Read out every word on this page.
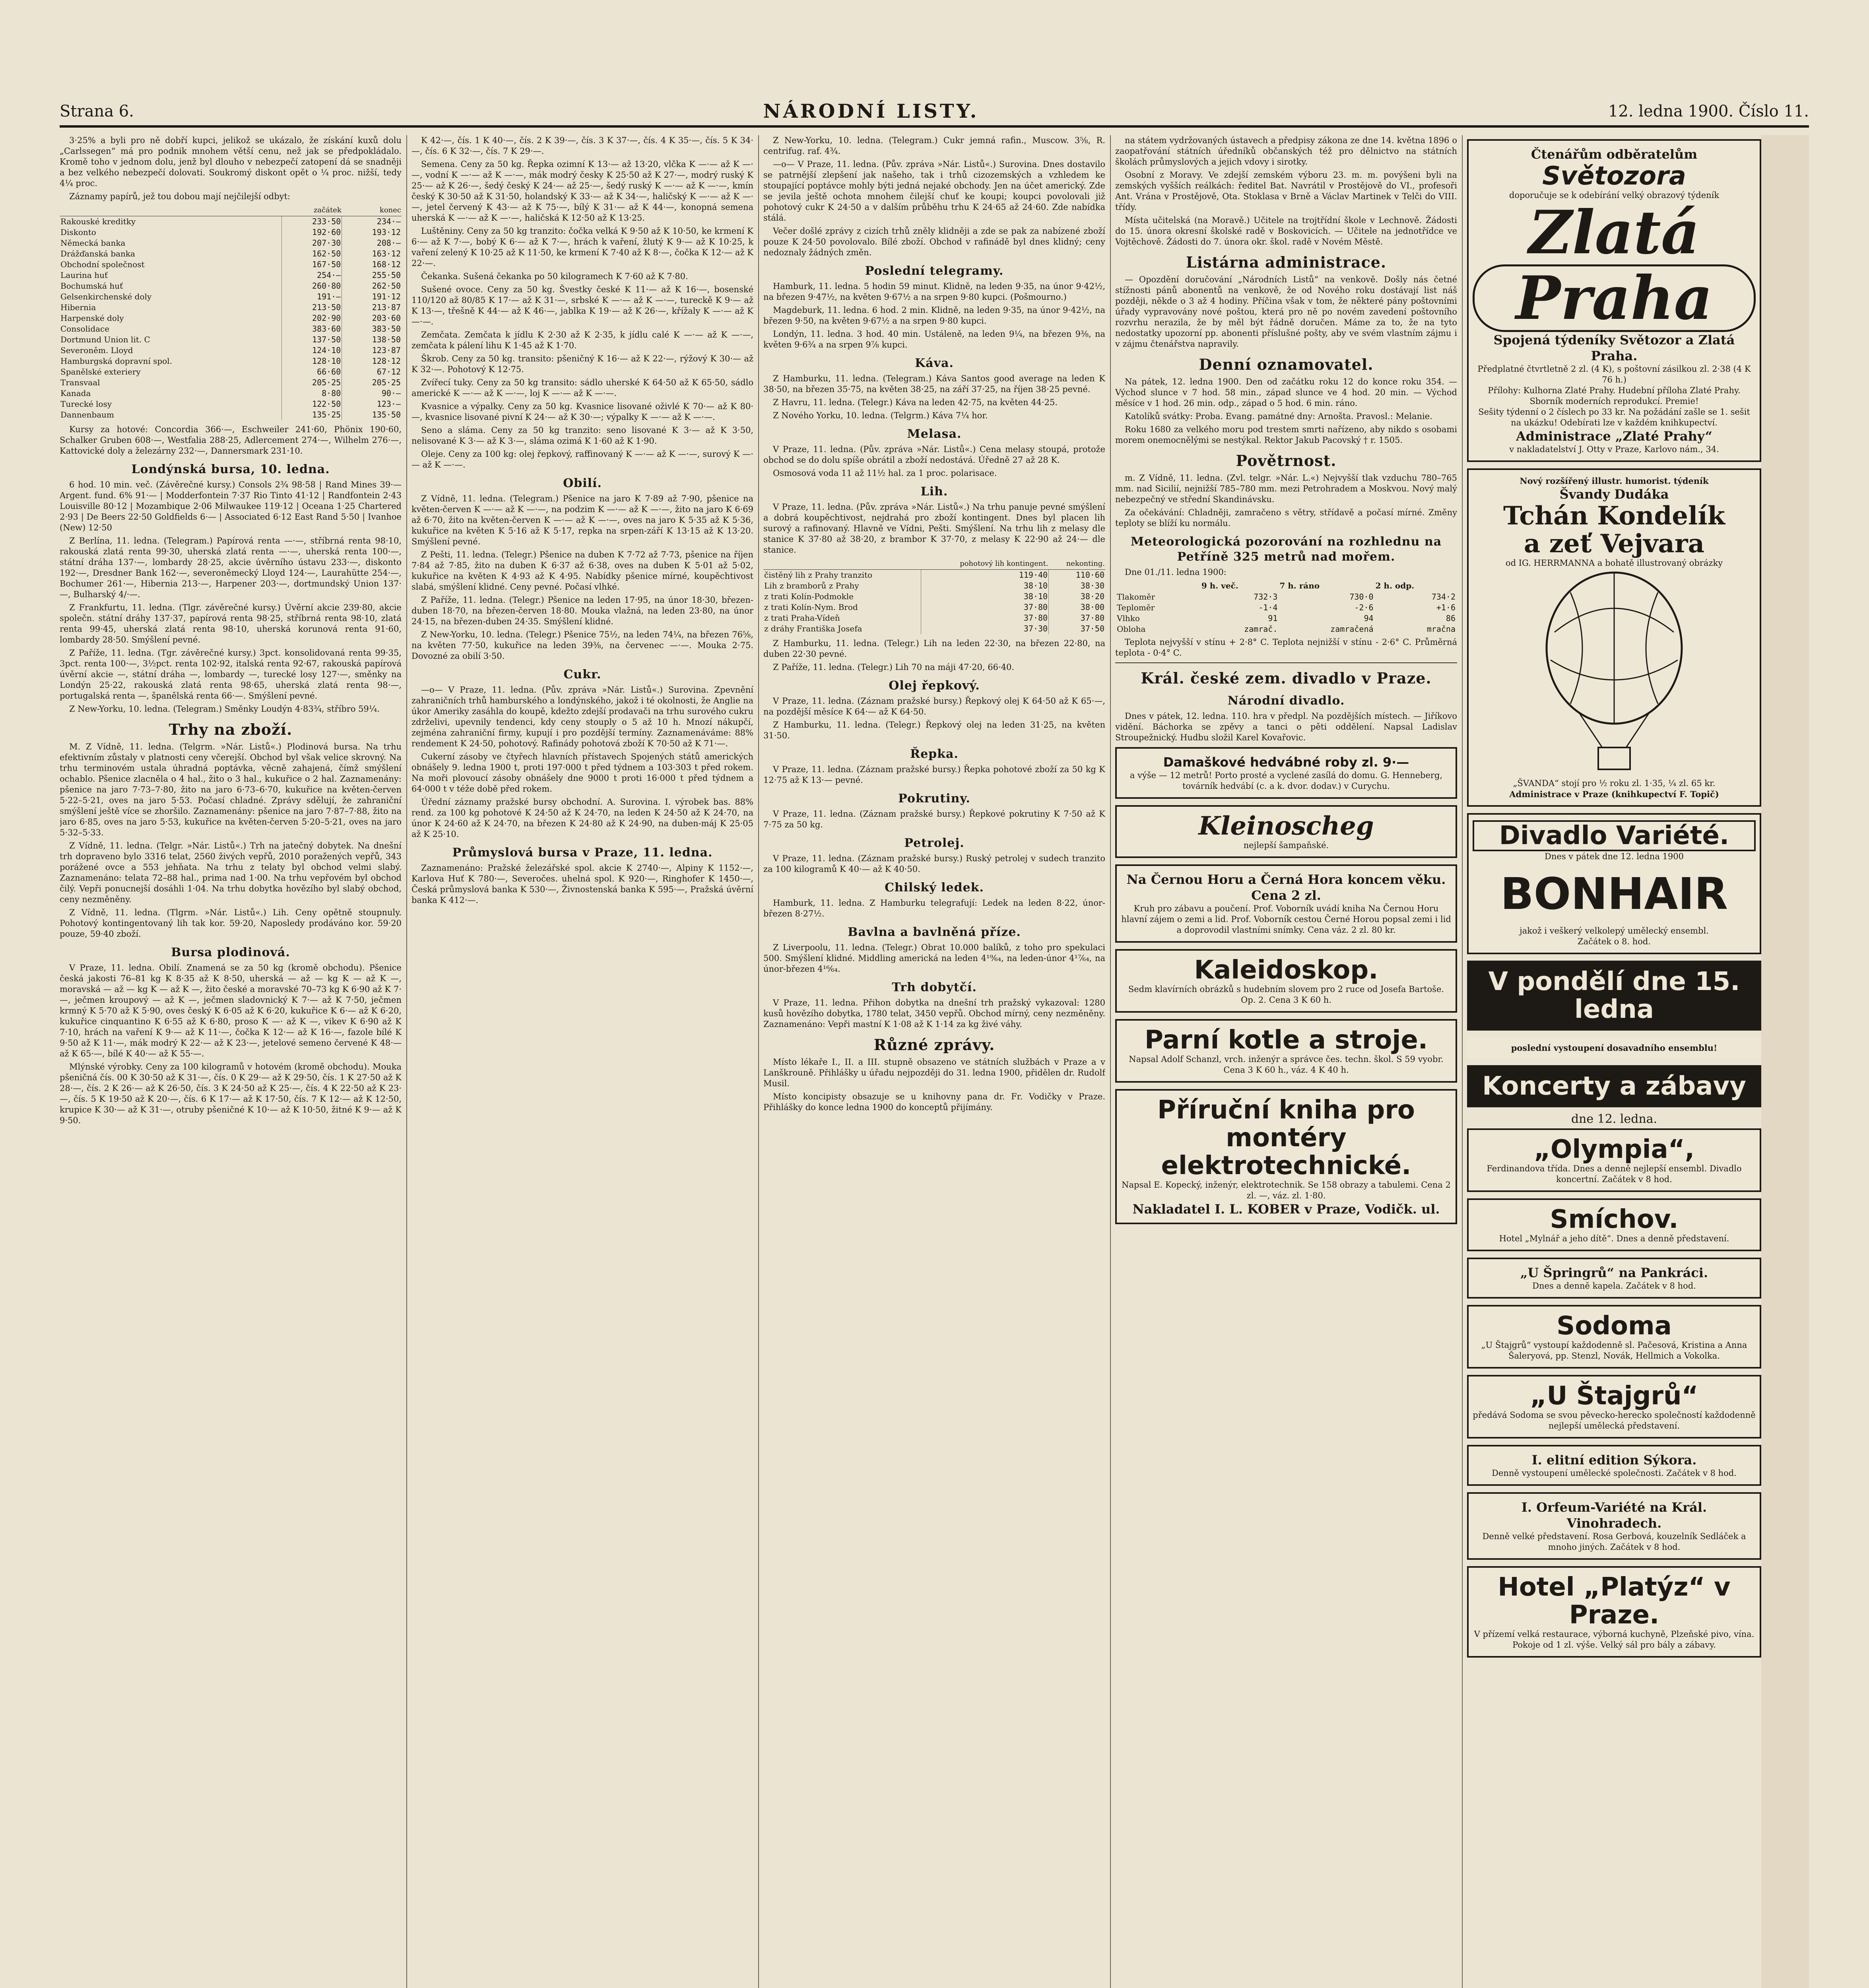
Strana 6.	NÁRODNÍ LISTY.	12. ledna 1900. Číslo 11.

3·25% a byli pro ně dobří kupci, jelikož se ukázalo, že získání kuxů dolu „Carlssegen“ má pro podnik mnohem větší cenu, než jak se předpokládalo. Kromě toho v jednom dolu, jenž byl dlouho v nebezpečí zatopení dá se snadněji a bez velkého nebezpečí dolovati. Soukromý diskont opět o ¼ proc. nižší, tedy 4¼ proc.

Záznamy papírů, jež tou dobou mají nejčilejší odbyt:

	začátek	konec
Rakouské kreditky	233·50	234·—
Diskonto	192·60	193·12
Německá banka	207·30	208·—
Drážďanská banka	162·50	163·12
Obchodní společnost	167·50	168·12
Laurina huť	254·—	255·50
Bochumská huť	260·80	262·50
Gelsenkirchenské doly	191·—	191·12
Hibernia	213·50	213·87
Harpenské doly	202·90	203·60
Consolidace	383·60	383·50
Dortmund Union lit. C	137·50	138·50
Severoněm. Lloyd	124·10	123·87
Hamburgská dopravní spol.	128·10	128·12
Spanělské exteriery	66·60	67·12
Transvaal	205·25	205·25
Kanada	8·80	90·—
Turecké losy	122·50	123·—
Dannenbaum	135·25	135·50

Kursy za hotové: Concordia 366·—, Eschweiler 241·60, Phönix 190·60, Schalker Gruben 608·—, Westfalia 288·25, Adlercement 274·—, Wilhelm 276·—, Kattovické doly a železárny 232·—, Dannersmark 231·10.

Londýnská bursa, 10. ledna.

6 hod. 10 min. več. (Závěrečné kursy.) Consols 2¾ 98·58 | Rand Mines 39·— Argent. fund. 6% 91·— | Modderfontein 7·37 Rio Tinto 41·12 | Randfontein 2·43 Louisville 80·12 | Mozambique 2·06 Milwaukee 119·12 | Oceana 1·25 Chartered 2·93 | De Beers 22·50 Goldfields 6·— | Associated 6·12 East Rand 5·50 | Ivanhoe (New) 12·50

Z Berlína, 11. ledna. (Telegram.) Papírová renta —·—, stříbrná renta 98·10, rakouská zlatá renta 99·30, uherská zlatá renta —·—, uherská renta 100·—, státní dráha 137·—, lombardy 28·25, akcie úvěrního ústavu 233·—, diskonto 192·—, Dresdner Bank 162·—, severoněmecký Lloyd 124·—, Laurahütte 254·—, Bochumer 261·—, Hibernia 213·—, Harpener 203·—, dortmundský Union 137·—, Bulharský 4/·—.

Z Frankfurtu, 11. ledna. (Tlgr. závěrečné kursy.) Úvěrní akcie 239·80, akcie společn. státní dráhy 137·37, papírová renta 98·25, stříbrná renta 98·10, zlatá renta 99·45, uherská zlatá renta 98·10, uherská korunová renta 91·60, lombardy 28·50. Smýšlení pevné.

Z Paříže, 11. ledna. (Tgr. závěrečné kursy.) 3pct. konsolidovaná renta 99·35, 3pct. renta 100·—, 3½pct. renta 102·92, italská renta 92·67, rakouská papírová úvěrní akcie —, státní dráha —, lombardy —, turecké losy 127·—, směnky na Londýn 25·22, rakouská zlatá renta 98·65, uherská zlatá renta 98·—, portugalská renta —, španělská renta 66·—. Smýšlení pevné.

Z New-Yorku, 10. ledna. (Telegram.) Směnky Loudýn 4·83¾, stříbro 59¼.

Trhy na zboží.

M. Z Vídně, 11. ledna. (Telgrm. »Nár. Listů«.) Plodinová bursa. Na trhu efektivním zůstaly v platnosti ceny včerejší. Obchod byl však velice skrovný. Na trhu terminovém ustala úhradná poptávka, věcně zahajená, čímž smýšlení ochablo. Pšenice zlacněla o 4 hal., žito o 3 hal., kukuřice o 2 hal. Zaznamenány: pšenice na jaro 7·73–7·80, žito na jaro 6·73–6·70, kukuřice na květen-červen 5·22–5·21, oves na jaro 5·53. Počasí chladné. Zprávy sdělují, že zahraniční smýšlení ještě více se zhoršilo. Zaznamenány: pšenice na jaro 7·87–7·88, žito na jaro 6·85, oves na jaro 5·53, kukuřice na květen-červen 5·20–5·21, oves na jaro 5·32–5·33.

Z Vídně, 11. ledna. (Telgr. »Nár. Listů«.) Trh na jatečný dobytek. Na dnešní trh dopraveno bylo 3316 telat, 2560 živých vepřů, 2010 poražených vepřů, 343 porážené ovce a 553 jehňata. Na trhu z telaty byl obchod velmi slabý. Zaznamenáno: telata 72–88 hal., prima nad 1·00. Na trhu vepřovém byl obchod čilý. Vepři ponucnejší dosáhli 1·04. Na trhu dobytka hovězího byl slabý obchod, ceny nezměněny.

Z Vídně, 11. ledna. (Tlgrm. »Nár. Listů«.) Lih. Ceny opětně stoupnuly. Pohotový kontingentovaný lih tak kor. 59·20, Naposledy prodáváno kor. 59·20 pouze, 59·40 zboží.

Bursa plodinová.

V Praze, 11. ledna. Obilí. Znamená se za 50 kg (kromě obchodu). Pšenice česká jakosti 76–81 kg K 8·35 až K 8·50, uherská — až — kg K — až K —, moravská — až — kg K — až K —, žito české a moravské 70–73 kg K 6·90 až K 7·—, ječmen kroupový — až K —, ječmen sladovnický K 7·— až K 7·50, ječmen krmný K 5·70 až K 5·90, oves český K 6·05 až K 6·20, kukuřice K 6·— až K 6·20, kukuřice cinquantino K 6·55 až K 6·80, proso K —· až K —, vikev K 6·90 až K 7·10, hrách na vaření K 9·— až K 11·—, čočka K 12·— až K 16·—, fazole bílé K 9·50 až K 11·—, mák modrý K 22·— až K 23·—, jetelové semeno červené K 48·— až K 65·—, bílé K 40·— až K 55·—.

Mlýnské výrobky. Ceny za 100 kilogramů v hotovém (kromě obchodu). Mouka pšeničná čís. 00 K 30·50 až K 31·—, čís. 0 K 29·— až K 29·50, čís. 1 K 27·50 až K 28·—, čís. 2 K 26·— až K 26·50, čís. 3 K 24·50 až K 25·—, čís. 4 K 22·50 až K 23·—, čís. 5 K 19·50 až K 20·—, čís. 6 K 17·— až K 17·50, čís. 7 K 12·— až K 12·50, krupice K 30·— až K 31·—, otruby pšeničné K 10·— až K 10·50, žitné K 9·— až K 9·50.

K 42·—, čís. 1 K 40·—, čís. 2 K 39·—, čís. 3 K 37·—, čís. 4 K 35·—, čís. 5 K 34·—, čís. 6 K 32·—, čís. 7 K 29·—.

Semena. Ceny za 50 kg. Řepka ozimní K 13·— až 13·20, vlčka K —·— až K —·—, vodní K —·— až K —·—, mák modrý česky K 25·50 až K 27·—, modrý ruský K 25·— až K 26·—, šedý český K 24·— až 25·—, šedý ruský K —·— až K —·—, kmín český K 30·50 až K 31·50, holandský K 33·— až K 34·—, haličský K —·— až K —·—, jetel červený K 43·— až K 75·—, bílý K 31·— až K 44·—, konopná semena uherská K —·— až K —·—, haličská K 12·50 až K 13·25.

Luštěniny. Ceny za 50 kg tranzito: čočka velká K 9·50 až K 10·50, ke krmení K 6·— až K 7·—, bobý K 6·— až K 7·—, hrách k vaření, žlutý K 9·— až K 10·25, k vaření zelený K 10·25 až K 11·50, ke krmení K 7·40 až K 8·—, čočka K 12·— až K 22·—.

Čekanka. Sušená čekanka po 50 kilogramech K 7·60 až K 7·80.

Sušené ovoce. Ceny za 50 kg. Švestky české K 11·— až K 16·—, bosenské 110/120 až 80/85 K 17·— až K 31·—, srbské K —·— až K —·—, tureckě K 9·— až K 13·—, třešně K 44·— až K 46·—, jablka K 19·— až K 26·—, křížaly K —·— až K —·—.

Zemčata. Zemčata k jídlu K 2·30 až K 2·35, k jídlu calé K —·— až K —·—, zemčata k pálení lihu K 1·45 až K 1·70.

Škrob. Ceny za 50 kg. transito: pšeničný K 16·— až K 22·—, rýžový K 30·— až K 32·—. Pohotový K 12·75.

Zvířecí tuky. Ceny za 50 kg transito: sádlo uherské K 64·50 až K 65·50, sádlo americké K —·— až K —·—, loj K —·— až K —·—.

Kvasnice a výpalky. Ceny za 50 kg. Kvasnice lisované oživlé K 70·— až K 80·—, kvasnice lisované pivní K 24·— až K 30·—; výpalky K —·— až K —·—.

Seno a sláma. Ceny za 50 kg tranzito: seno lisované K 3·— až K 3·50, nelisované K 3·— až K 3·—, sláma ozimá K 1·60 až K 1·90.

Oleje. Ceny za 100 kg: olej řepkový, raffinovaný K —·— až K —·—, surový K —·— až K —·—.

Obilí.

Z Vídně, 11. ledna. (Telegram.) Pšenice na jaro K 7·89 až 7·90, pšenice na květen-červen K —·— až K —·—, na podzim K —·— až K —·—, žito na jaro K 6·69 až 6·70, žito na květen-červen K —·— až K —·—, oves na jaro K 5·35 až K 5·36, kukuřice na květen K 5·16 až K 5·17, repka na srpen-září K 13·15 až K 13·20. Smýšlení pevné.

Z Pešti, 11. ledna. (Telegr.) Pšenice na duben K 7·72 až 7·73, pšenice na říjen 7·84 až 7·85, žito na duben K 6·37 až 6·38, oves na duben K 5·01 až 5·02, kukuřice na květen K 4·93 až K 4·95. Nabídky pšenice mírné, koupěchtivost slabá, smýšlení klidné. Ceny pevné. Počasí vlhké.

Z Paříže, 11. ledna. (Telegr.) Pšenice na leden 17·95, na únor 18·30, březen-duben 18·70, na březen-červen 18·80. Mouka vlažná, na leden 23·80, na únor 24·15, na březen-duben 24·35. Smýšlení klidné.

Z New-Yorku, 10. ledna. (Telegr.) Pšenice 75½, na leden 74¼, na březen 76⅝, na květen 77·50, kukuřice na leden 39⅜, na červenec —·—. Mouka 2·75. Dovozné za obilí 3·50.

Cukr.

—o— V Praze, 11. ledna. (Pův. zpráva »Nár. Listů«.) Surovina. Zpevnění zahraničních trhů hamburského a londýnského, jakož i té okolnosti, že Anglie na úkor Ameriky zasáhla do koupě, kdežto zdejší prodavači na trhu surového cukru zdrželivi, upevnily tendenci, kdy ceny stouply o 5 až 10 h. Mnozí nákupčí, zejména zahraniční firmy, kupují i pro pozdější termíny. Zaznamenáváme: 88% rendement K 24·50, pohotový. Rafinády pohotová zboží K 70·50 až K 71·—.

Cukerní zásoby ve čtyřech hlavních přístavech Spojených států amerických obnášely 9. ledna 1900 t, proti 197·000 t před týdnem a 103·303 t před rokem. Na moři plovoucí zásoby obnášely dne 9000 t proti 16·000 t před týdnem a 64·000 t v téže době před rokem.

Úřední záznamy pražské bursy obchodní. A. Surovina. I. výrobek bas. 88% rend. za 100 kg pohotové K 24·50 až K 24·70, na leden K 24·50 až K 24·70, na únor K 24·60 až K 24·70, na březen K 24·80 až K 24·90, na duben-máj K 25·05 až K 25·10.

Průmyslová bursa v Praze, 11. ledna.

Zaznamenáno: Pražské železářské spol. akcie K 2740·—, Alpiny K 1152·—, Karlova Huť K 780·—, Severočes. uhelná spol. K 920·—, Ringhofer K 1450·—, Česká průmyslová banka K 530·—, Živnostenská banka K 595·—, Pražská úvěrní banka K 412·—.

Z New-Yorku, 10. ledna. (Telegram.) Cukr jemná rafin., Muscow. 3⅝, R. centrifug. raf. 4¾.

—o— V Praze, 11. ledna. (Pův. zpráva »Nár. Listů«.) Surovina. Dnes dostavilo se patrnější zlepšení jak našeho, tak i trhů cizozemských a vzhledem ke stoupající poptávce mohly býti jedná nejaké obchody. Jen na účet americký. Zde se jevila ještě ochota mnohem čilejší chuť ke koupi; koupci povolovali již pohotový cukr K 24·50 a v dalším průběhu trhu K 24·65 až 24·60. Zde nabídka stálá.

Večer došlé zprávy z cizích trhů zněly klidněji a zde se pak za nabízené zboží pouze K 24·50 povolovalo. Bílé zboží. Obchod v rafinádě byl dnes klidný; ceny nedoznaly žádných změn.

Poslední telegramy.

Hamburk, 11. ledna. 5 hodin 59 minut. Klidně, na leden 9·35, na únor 9·42½, na březen 9·47½, na květen 9·67½ a na srpen 9·80 kupci. (Pošmourno.)

Magdeburk, 11. ledna. 6 hod. 2 min. Klidně, na leden 9·35, na únor 9·42½, na březen 9·50, na květen 9·67½ a na srpen 9·80 kupci.

Londýn, 11. ledna. 3 hod. 40 min. Ustáleně, na leden 9¼, na březen 9⅜, na květen 9·6¾ a na srpen 9⅞ kupci.

Káva.

Z Hamburku, 11. ledna. (Telegram.) Káva Santos good average na leden K 38·50, na březen 35·75, na květen 38·25, na září 37·25, na říjen 38·25 pevné.

Z Havru, 11. ledna. (Telegr.) Káva na leden 42·75, na květen 44·25.

Z Nového Yorku, 10. ledna. (Telgrm.) Káva 7¼ hor.

Melasa.

V Praze, 11. ledna. (Pův. zpráva »Nár. Listů«.) Cena melasy stoupá, protože obchod se do dolu spíše obrátil a zboží nedostává. Úředně 27 až 28 K.

Osmosová voda 11 až 11½ hal. za 1 proc. polarisace.

Lih.

V Praze, 11. ledna. (Pův. zpráva »Nár. Listů«.) Na trhu panuje pevné smýšlení a dobrá koupěchtivost, nejdrahá pro zboží kontingent. Dnes byl placen lih surový a rafinovaný. Hlavně ve Vídni, Pešti. Smýšlení. Na trhu lih z melasy dle stanice K 37·80 až 38·20, z brambor K 37·70, z melasy K 22·90 až 24·— dle stanice.

	pohotový lih kontingent.	nekonting.
čistěný lih z Prahy tranzito	119·40	110·60
Lih z bramborů z Prahy	38·10	38·30
z trati Kolín-Podmokle	38·10	38·20
z trati Kolín-Nym. Brod	37·80	38·00
z trati Praha-Vídeň	37·80	37·80
z dráhy Františka Josefa	37·30	37·50

Z Hamburku, 11. ledna. (Telegr.) Lih na leden 22·30, na březen 22·80, na duben 22·30 pevné.

Z Paříže, 11. ledna. (Telegr.) Lih 70 na máji 47·20, 66·40.

Olej řepkový.

V Praze, 11. ledna. (Záznam pražské bursy.) Řepkový olej K 64·50 až K 65·—, na pozdější měsíce K 64·— až K 64·50.

Z Hamburku, 11. ledna. (Telegr.) Řepkový olej na leden 31·25, na květen 31·50.

Řepka.

V Praze, 11. ledna. (Záznam pražské bursy.) Řepka pohotové zboží za 50 kg K 12·75 až K 13·— pevné.

Pokrutiny.

V Praze, 11. ledna. (Záznam pražské bursy.) Řepkové pokrutiny K 7·50 až K 7·75 za 50 kg.

Petrolej.

V Praze, 11. ledna. (Záznam pražské bursy.) Ruský petrolej v sudech tranzito za 100 kilogramů K 40·— až K 40·50.

Chilský ledek.

Hamburk, 11. ledna. Z Hamburku telegrafují: Ledek na leden 8·22, únor-březen 8·27½.

Bavlna a bavlněná příze.

Z Liverpoolu, 11. ledna. (Telegr.) Obrat 10.000 balíků, z toho pro spekulaci 500. Smýšlení klidné. Middling americká na leden 4¹⁹⁄₆₄, na leden-únor 4¹⁷⁄₆₄, na únor-březen 4¹⁶⁄₆₄.

Trh dobytčí.

V Praze, 11. ledna. Přihon dobytka na dnešní trh pražský vykazoval: 1280 kusů hovězího dobytka, 1780 telat, 3450 vepřů. Obchod mírný, ceny nezměněny. Zaznamenáno: Vepři mastní K 1·08 až K 1·14 za kg živé váhy.

Různé zprávy.

Místo lékaře I., II. a III. stupně obsazeno ve státních službách v Praze a v Lanškrouně. Přihlášky u úřadu nejpozději do 31. ledna 1900, přidělen dr. Rudolf Musil.

Místo koncipisty obsazuje se u knihovny pana dr. Fr. Vodičky v Praze. Přihlášky do konce ledna 1900 do konceptů přijímány.

na státem vydržovaných ústavech a předpisy zákona ze dne 14. května 1896 o zaopatřování státních úředníků občanských též pro dělnictvo na státních školách průmyslových a jejich vdovy i sirotky.

Osobní z Moravy. Ve zdejší zemském výboru 23. m. m. povýšeni byli na zemských vyšších reálkách: ředitel Bat. Navrátil v Prostějově do VI., profesoři Ant. Vrána v Prostějově, Ota. Stoklasa v Brně a Václav Martinek v Telči do VIII. třídy.

Místa učitelská (na Moravě.) Učitele na trojtřídní škole v Lechnově. Žádosti do 15. února okresní školské radě v Boskovicích. — Učitele na jednotřídce ve Vojtěchově. Žádosti do 7. února okr. škol. radě v Novém Městě.

Listárna administrace.

— Opozdění doručování „Národních Listů“ na venkově. Došly nás četné stížnosti pánů abonentů na venkově, že od Nového roku dostávají list náš později, někde o 3 až 4 hodiny. Příčina však v tom, že některé pány poštovními úřady vypravovány nové poštou, která pro ně po novém zavedení poštovního rozvrhu nerazila, že by měl být řádně doručen. Máme za to, že na tyto nedostatky upozorní pp. abonenti příslušné pošty, aby ve svém vlastním zájmu i v zájmu čtenářstva napravily.

Denní oznamovatel.

Na pátek, 12. ledna 1900. Den od začátku roku 12 do konce roku 354. — Východ slunce v 7 hod. 58 min., západ slunce ve 4 hod. 20 min. — Východ měsíce v 1 hod. 26 min. odp., západ o 5 hod. 6 min. ráno.

Katolíků svátky: Proba. Evang. památné dny: Arnošta. Pravosl.: Melanie.

Roku 1680 za velkého moru pod trestem smrti nařízeno, aby nikdo s osobami morem onemocnělými se nestýkal. Rektor Jakub Pacovský † r. 1505.

Povětrnost.

m. Z Vídně, 11. ledna. (Zvl. telgr. »Nár. L.«) Nejvyšší tlak vzduchu 780–765 mm. nad Sicilií, nejnižší 785–780 mm. mezi Petrohradem a Moskvou. Nový malý nebezpečný ve střední Skandinávsku.

Za očekávání: Chladněji, zamračeno s větry, střídavě a počasí mírné. Změny teploty se blíží ku normálu.

Meteorologická pozorování na rozhlednu na Petříně 325 metrů nad mořem.

Dne 01./11. ledna 1900:

	9 h. več.	7 h. ráno	2 h. odp.
Tlakoměr	732·3	730·0	734·2
Teploměr	-1·4	-2·6	+1·6
Vlhko	91	94	86
Obloha	zamrač.	zamračená	mračna

Teplota nejvyšší v stínu + 2·8° C. Teplota nejnižší v stínu - 2·6° C. Průměrná teplota - 0·4° C.

Král. české zem. divadlo v Praze.
Národní divadlo.

Dnes v pátek, 12. ledna. 110. hra v předpl. Na pozdějších místech. — Jiříkovo vidění. Báchorka se zpěvy a tanci o pěti oddělení. Napsal Ladislav Stroupežnický. Hudbu složil Karel Kovařovic.

Damaškové hedvábné roby zl. 9·—
a výše — 12 metrů! Porto prosté a vyclené zasílá do domu. G. Henneberg, továrník hedvábí (c. a k. dvor. dodav.) v Curychu.
Kleinoscheg
nejlepší šampaňské.
Na Černou Horu a Černá Hora koncem věku.
Cena 2 zl.
Kruh pro zábavu a poučení. Prof. Voborník uvádí kniha Na Černou Horu hlavní zájem o zemi a lid. Prof. Voborník cestou Černé Horou popsal zemi i lid a doprovodil vlastními snímky. Cena váz. 2 zl. 80 kr.
Kaleidoskop.
Sedm klavírních obrázků s hudebním slovem pro 2 ruce od Josefa Bartoše. Op. 2. Cena 3 K 60 h.
Parní kotle a stroje.
Napsal Adolf Schanzl, vrch. inženýr a správce čes. techn. škol. S 59 vyobr. Cena 3 K 60 h., váz. 4 K 40 h.
Příruční kniha pro montéry elektrotechnické.
Napsal E. Kopecký, inženýr, elektrotechnik. Se 158 obrazy a tabulemi. Cena 2 zl. —, váz. zl. 1·80.
Nakladatel I. L. KOBER v Praze, Vodičk. ul.
Čtenářům odběratelům
Světozora
doporučuje se k odebírání velký obrazový týdeník
Zlatá
Praha
Spojená týdeníky Světozor a Zlatá Praha.
Předplatné čtvrtletně 2 zl. (4 K), s poštovní zásilkou zl. 2·38 (4 K 76 h.)
Přílohy: Kulhorna Zlaté Prahy. Hudební příloha Zlaté Prahy. Sborník moderních reprodukcí. Premie!
Sešity týdenní o 2 číslech po 33 kr. Na požádání zašle se 1. sešit na ukázku! Odebírati lze v každém knihkupectví.
Administrace „Zlaté Prahy“
v nakladatelství J. Otty v Praze, Karlovo nám., 34.
Nový rozšířený illustr. humorist. týdeník
Švandy Dudáka
Tchán Kondelík
a zeť Vejvara
od IG. HERRMANNA a bohatě illustrovaný obrázky
„ŠVANDA“ stojí pro ½ roku zl. 1·35, ¼ zl. 65 kr.
Administrace v Praze (knihkupectví F. Topič)
Divadlo Variété.
Dnes v pátek dne 12. ledna 1900
BONHAIR
jakož i veškerý velkolepý umělecký ensembl.
Začátek o 8. hod.
V pondělí dne 15. ledna
poslední vystoupení dosavadního ensemblu!
Koncerty a zábavy
dne 12. ledna.
„Olympia“,
Ferdinandova třída. Dnes a denně nejlepší ensembl. Divadlo koncertní. Začátek v 8 hod.
Smíchov.
Hotel „Mylnář a jeho dítě“. Dnes a denně představení.
„U Špringrů“ na Pankráci.
Dnes a denně kapela. Začátek v 8 hod.
Sodoma
„U Štajgrů“ vystoupí každodenně sl. Pačesová, Kristina a Anna Šaleryová, pp. Stenzl, Novák, Hellmich a Vokolka.
„U Štajgrů“
předává Sodoma se svou pěvecko-herecko společností každodenně nejlepší umělecká představení.
I. elitní edition Sýkora.
Denně vystoupení umělecké společnosti. Začátek v 8 hod.
I. Orfeum-Variété na Král. Vinohradech.
Denně velké představení. Rosa Gerbová, kouzelník Sedláček a mnoho jiných. Začátek v 8 hod.
Hotel „Platýz“ v Praze.
V přízemí velká restaurace, výborná kuchyně, Plzeňské pivo, vína. Pokoje od 1 zl. výše. Velký sál pro bály a zábavy.
